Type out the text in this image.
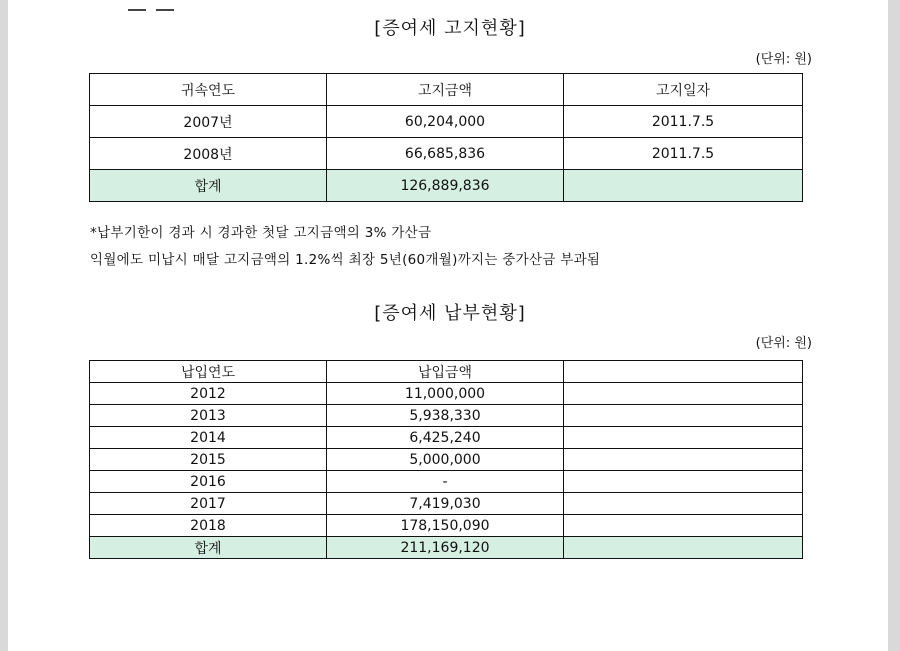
[증여세 고지현황]
(단위: 원)
귀속연도	고지금액	고지일자
2007년	60,204,000	2011.7.5
2008년	66,685,836	2011.7.5
합계	126,889,836	
*납부기한이 경과 시 경과한 첫달 고지금액의 3% 가산금
익월에도 미납시 매달 고지금액의 1.2%씩 최장 5년(60개월)까지는 중가산금 부과됨
[증여세 납부현황]
(단위: 원)
납입연도	납입금액	
2012	11,000,000	
2013	5,938,330	
2014	6,425,240	
2015	5,000,000	
2016	-	
2017	7,419,030	
2018	178,150,090	
합계	211,169,120	
